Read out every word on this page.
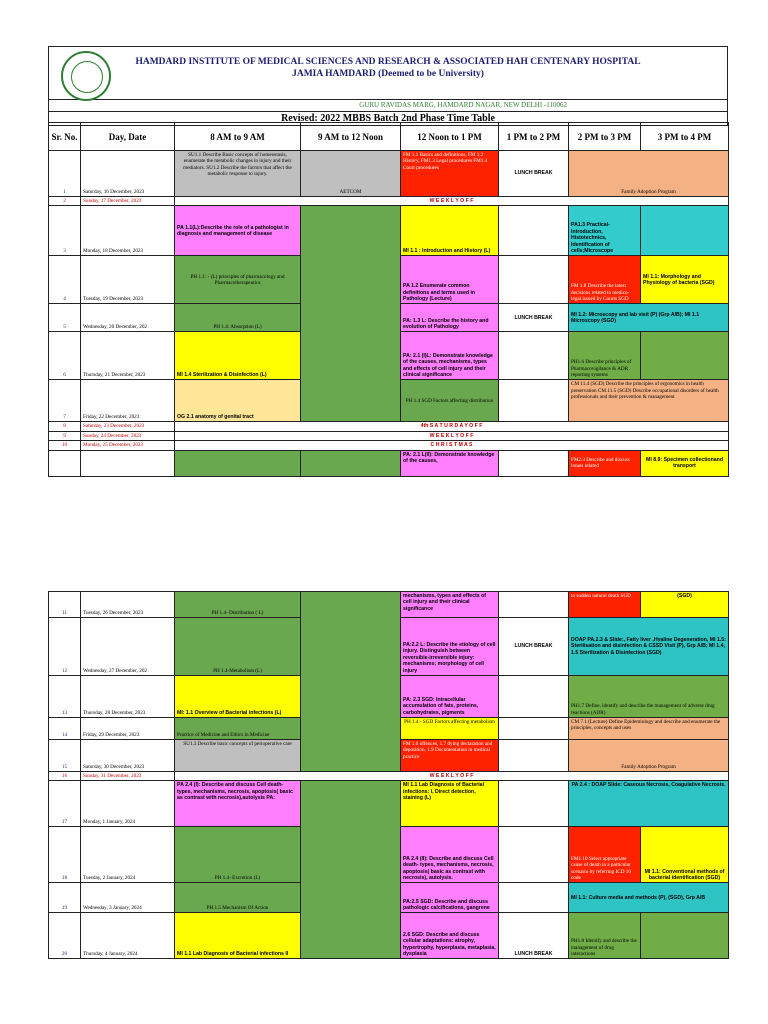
HAMDARD INSTITUTE OF MEDICAL SCIENCES AND RESEARCH & ASSOCIATED HAH CENTENARY HOSPITAL
JAMIA HAMDARD (Deemed to be University)
GURU RAVIDAS MARG, HAMDARD NAGAR, NEW DELHI -110062
Revised: 2022 MBBS Batch 2nd Phase Time Table
Sr. No.	Day, Date	8 AM to 9 AM	9 AM to 12 Noon	12 Noon to 1 PM	1 PM to 2 PM	2 PM to 3 PM	3 PM to 4 PM
1	Saturday, 16 December, 2023	SU1.1 Describe Basic concepts of homeostasis, enumerate the metabolic changes in injury and their mediators. SU1.2 Describe the factors that affect the metabolic response to injury.	AETCOM	FM 1.1 Basics and definitions, FM 1.2 History, FM1.3 Legal procedures FM1.4 Court procedures	LUNCH BREAK	Family Adoption Program	
2	Sunday, 17 December, 2023	W E E K L Y O F F					
3	Monday, 18 December, 2023	PA 1.1(L):Describe the role of a pathologist in diagnosis and management of disease		MI 1.1 : Introduction and History (L)		PA1.3 Practical- Introduction, Histotechnics, Identification of cells;Microscope	
4	Tuesday, 19 December, 2023	PH 1.1: - (L) principles of pharmacology and Pharmacotherapeutics		PA 1.2 Enumerate common definitions and terms used in Pathology (Lecture)		FM 1.8 Describe the latest decisions related to medico- legal issued by Courts SGD	MI 1.1: Morphology and Physiology of bacteria (SGD)
5	Wednesday, 20 December, 202	PH 1.4: Absorption (L)		PA: 1.3 L: Describe the history and evolution of Pathology	LUNCH BREAK	MI 1.2: Microscopy and lab visit (P) (Grp A/B); MI 1.1 Microscopy (SGD)	
6	Thursday, 21 December, 2023	MI 1.4 Sterilization & Disinfection (L)		PA: 2.1 (I)L: Demonstrate knowledge of the causes, mechanisms, types and effects of cell injury and their clinical significance		PH1.6 Describe principles of Pharmacovigilance & ADR reporting systems	
7	Friday, 22 December, 2023	OG 2.1 anatomy of genital tract		PH 1.4 SGD Factors affecting distribution		CM 11.4 (SGD) Describe the principles of ergonomics in health preservation CM.11.5 (SGD) Describe occupational disorders of health professionals and their prevention & management	
8	Saturday, 23 December, 2023	4th S A T U R D A Y O F F					
9	Sunday, 24 December, 2023	W E E K L Y O F F					
10	Monday, 25 December, 2023	C H R I S T M A S					
				PA: 2.1 L(II): Demonstrate knowledge of the causes,		FM2.3 Describe and discuss issues related	MI 8.9: Specimen collectionand transport
11	Tuesday, 26 December, 2023	PH 1.4- Distribution ( L)		mechanisms, types and effects of cell injury and their clinical significance		to sudden natural death SGD	(SGD)
12	Wednesday, 27 December, 202	PH 1.4-Metabolism (L)		PA:2.2 L: Describe the etiology of cell injury. Distinguish between reversible-irreversible injury: mechanisms; morphology of cell injury	LUNCH BREAK	DOAP PA.2.3 & Slide:, Fatty liver ,Hyaline Degeneration, MI 1.5: Sterilisation and disinfection & CSSD Visit (P), Grp A/B; MI 1.4, 1.5 Sterilization & Disinfection (SGD)	
13	Thursday, 28 December, 2023	MI: 1.1 Overview of Bacterial infections (L)		PA: 2.3 SGD: Intracellular accumulation of fats, proteins, carbohydrates, pigments		PH1.7 Define, identify and describe the management of adverse drug reactions (ADR)	
14	Friday, 29 December, 2023	Practice of Medicine and Ethics in Medicine		PH 1.4 - SGD Factors affecting metabolism		CM 7.1 (Lecture) Define Epidemiology and describe and enumerate the principles, concepts and uses	
15	Saturday, 30 December, 2023	SU1.3 Describe basic concepts of perioperative care		FM 1.6 offences, 1.7 dying declaration and deposition, 1.9 Documentation in medical practice		Family Adoption Program	
16	Sunday, 31 December, 2023	W E E K L Y O F F					
17	Monday, 1 January, 2024	PA 2.4 (I): Describe and discuss Cell death- types, mechanisms, necrosis, apoptosis( basic as contrast with necrosis),autolysis PA:		MI 1.1 Lab Diagnosis of Bacterial infections: I, Direct detection, staining (L)		PA 2.4 : DOAP Slide: Caseous Necrosis, Coagulative Necrosis.	
18	Tuesday, 2 January, 2024	PH 1.4- Excretion (L)		PA 2.4 (II): Describe and discuss Cell death- types, mechanisms, necrosis, apoptosis( basic as contrast with necrosis), autolysis.		FM1.10 Select appropriate cause of death in a particular scenario by referring ICD 10 code	MI 1.1: Conventional methods of bacterial identification (SGD)
19	Wednesday, 3 January, 2024	PH 1.5 Mechanism Of Action		PA:2.5 SGD: Describe and discuss pathologic calcifications, gangrene		MI 1.1: Culture media and methods (P), (SGD), Grp A/B	
20	Thursday, 4 January, 2024	MI 1.1 Lab Diagnosis of Bacterial infections II		2.6 SGD: Describe and discuss cellular adaptations: atrophy, hypertrophy, hyperplasia, metaplasia, dysplasia	LUNCH BREAK	PH1.8 Identify and describe the management of drug interactions	
